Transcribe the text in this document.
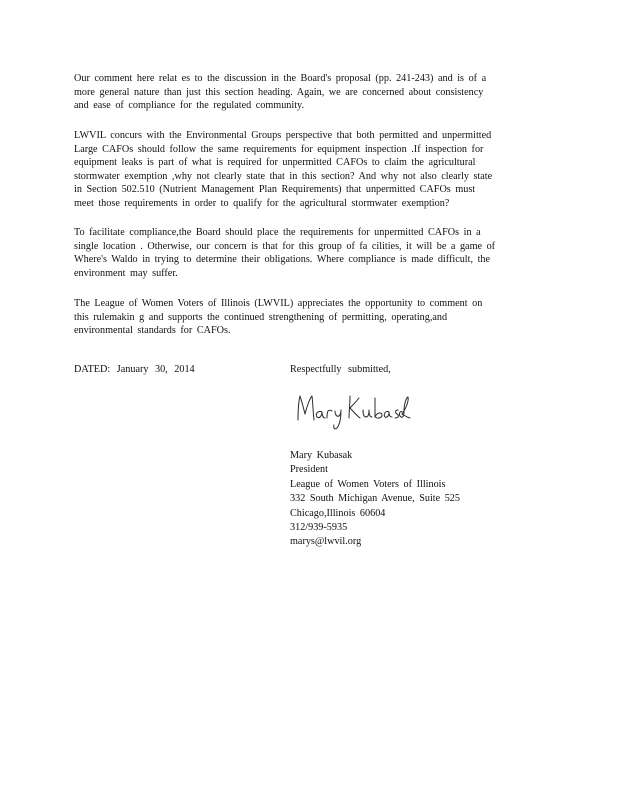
Our comment here relat es to the discussion in the Board's proposal (pp. 241-243) and is of a
more general nature than just this section heading. Again, we are concerned about consistency
and ease of compliance for the regulated community.

LWVIL concurs with the Environmental Groups perspective that both permitted and unpermitted
Large CAFOs should follow the same requirements for equipment inspection .If inspection for
equipment leaks is part of what is required for unpermitted CAFOs to claim the agricultural
stormwater exemption ,why not clearly state that in this section? And why not also clearly state
in Section 502.510 (Nutrient Management Plan Requirements) that unpermitted CAFOs must
meet those requirements in order to qualify for the agricultural stormwater exemption?

To facilitate compliance,the Board should place the requirements for unpermitted CAFOs in a
single location . Otherwise, our concern is that for this group of fa cilities, it will be a game of
Where's Waldo in trying to determine their obligations. Where compliance is made difficult, the
environment may suffer.

The League of Women Voters of Illinois (LWVIL) appreciates the opportunity to comment on
this rulemakin g and supports the continued strengthening of permitting, operating,and
environmental standards for CAFOs.

DATED: January 30, 2014	Respectfully submitted,
Mary Kubasak
President
League of Women Voters of Illinois
332 South Michigan Avenue, Suite 525
Chicago,Illinois 60604
312/939-5935
marys@lwvil.org
